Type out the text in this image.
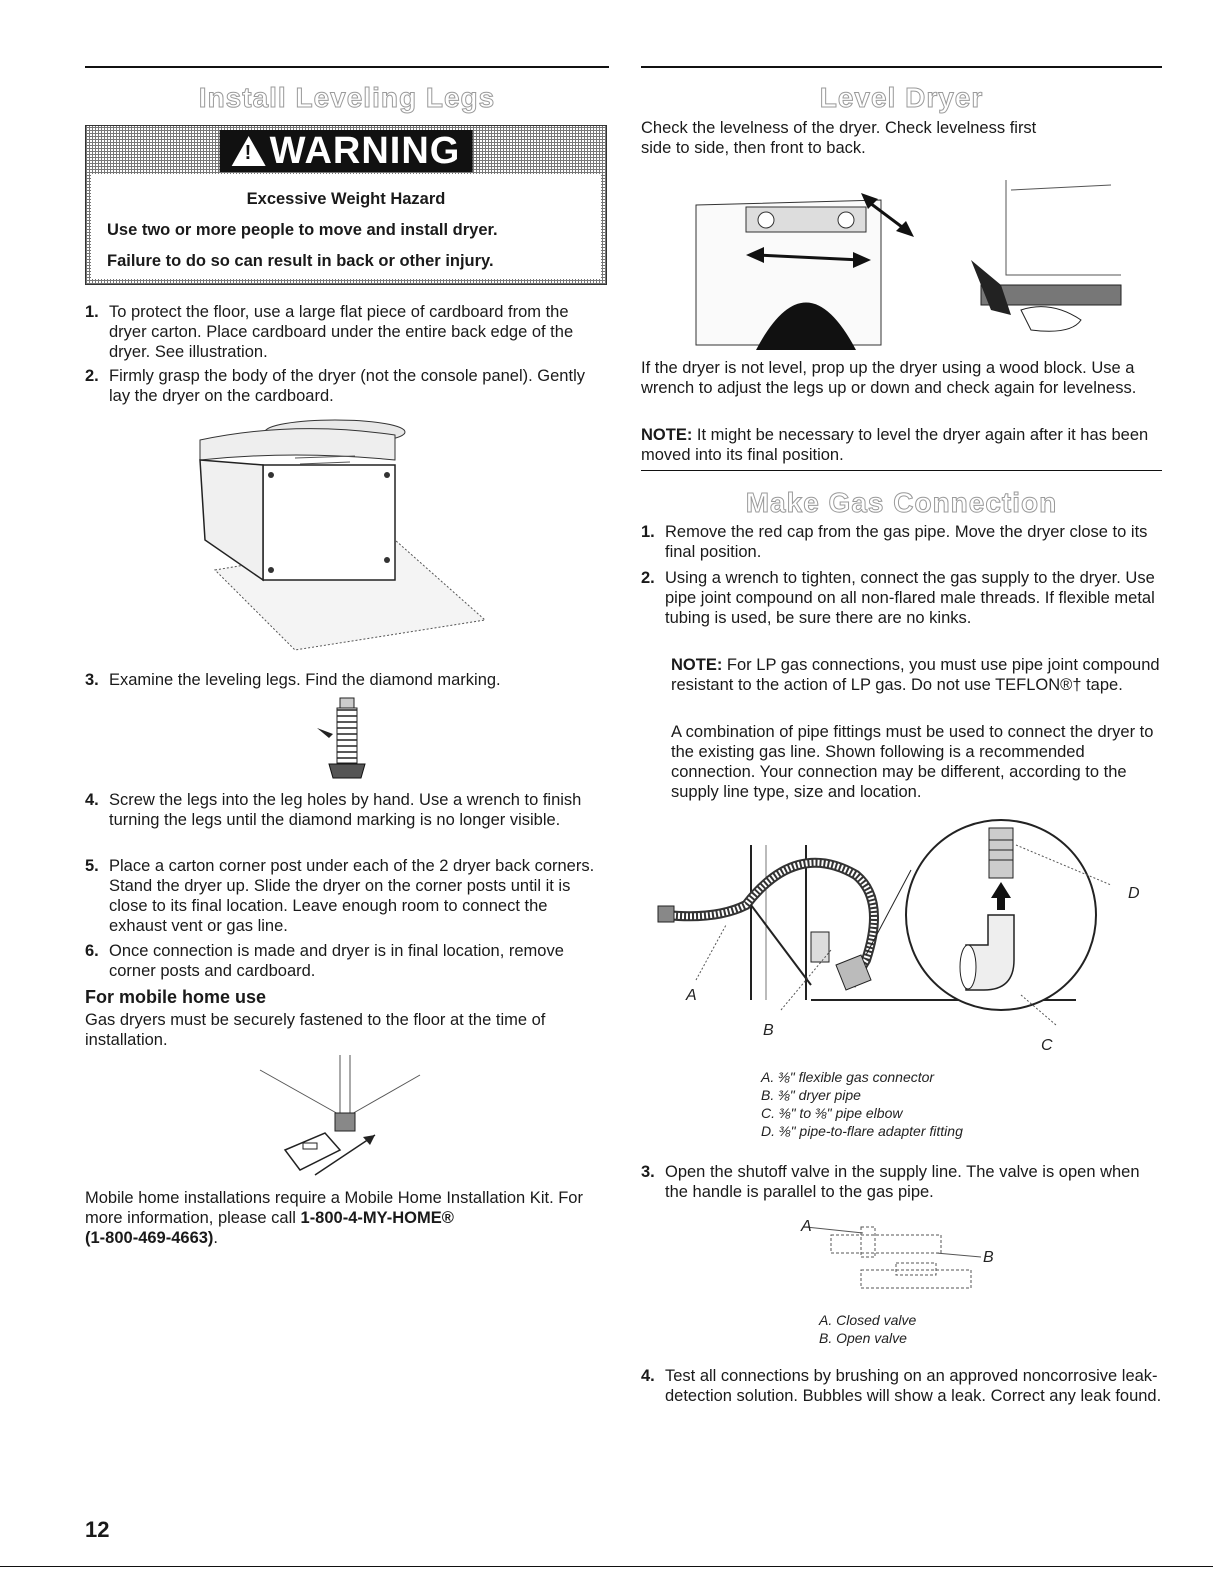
Install Leveling Legs
!
WARNING
Excessive Weight Hazard
Use two or more people to move and install dryer.
Failure to do so can result in back or other injury.
1. To protect the floor, use a large flat piece of cardboard from the dryer carton. Place cardboard under the entire back edge of the dryer. See illustration.
2. Firmly grasp the body of the dryer (not the console panel). Gently lay the dryer on the cardboard.
3. Examine the leveling legs. Find the diamond marking.
4. Screw the legs into the leg holes by hand. Use a wrench to finish turning the legs until the diamond marking is no longer visible.
5. Place a carton corner post under each of the 2 dryer back corners. Stand the dryer up. Slide the dryer on the corner posts until it is close to its final location. Leave enough room to connect the exhaust vent or gas line.
6. Once connection is made and dryer is in final location, remove corner posts and cardboard.
For mobile home use
Gas dryers must be securely fastened to the floor at the time of installation.
Mobile home installations require a Mobile Home Installation Kit. For more information, please call 1-800-4-MY-HOME®
(1-800-469-4663).
12
Level Dryer
Check the levelness of the dryer. Check levelness first side to side, then front to back.
If the dryer is not level, prop up the dryer using a wood block. Use a wrench to adjust the legs up or down and check again for levelness.
NOTE: It might be necessary to level the dryer again after it has been moved into its final position.
Make Gas Connection
1. Remove the red cap from the gas pipe. Move the dryer close to its final position.
2. Using a wrench to tighten, connect the gas supply to the dryer. Use pipe joint compound on all non-flared male threads. If flexible metal tubing is used, be sure there are no kinks.
NOTE: For LP gas connections, you must use pipe joint compound resistant to the action of LP gas. Do not use TEFLON®† tape.
A combination of pipe fittings must be used to connect the dryer to the existing gas line. Shown following is a recommended connection. Your connection may be different, according to the supply line type, size and location.
A
B
C
D
A. ⅜" flexible gas connector
B. ⅜" dryer pipe
C. ⅜" to ⅜" pipe elbow
D. ⅜" pipe-to-flare adapter fitting
3. Open the shutoff valve in the supply line. The valve is open when the handle is parallel to the gas pipe.
A
B
A. Closed valve
B. Open valve
4. Test all connections by brushing on an approved noncorrosive leak-detection solution. Bubbles will show a leak. Correct any leak found.
